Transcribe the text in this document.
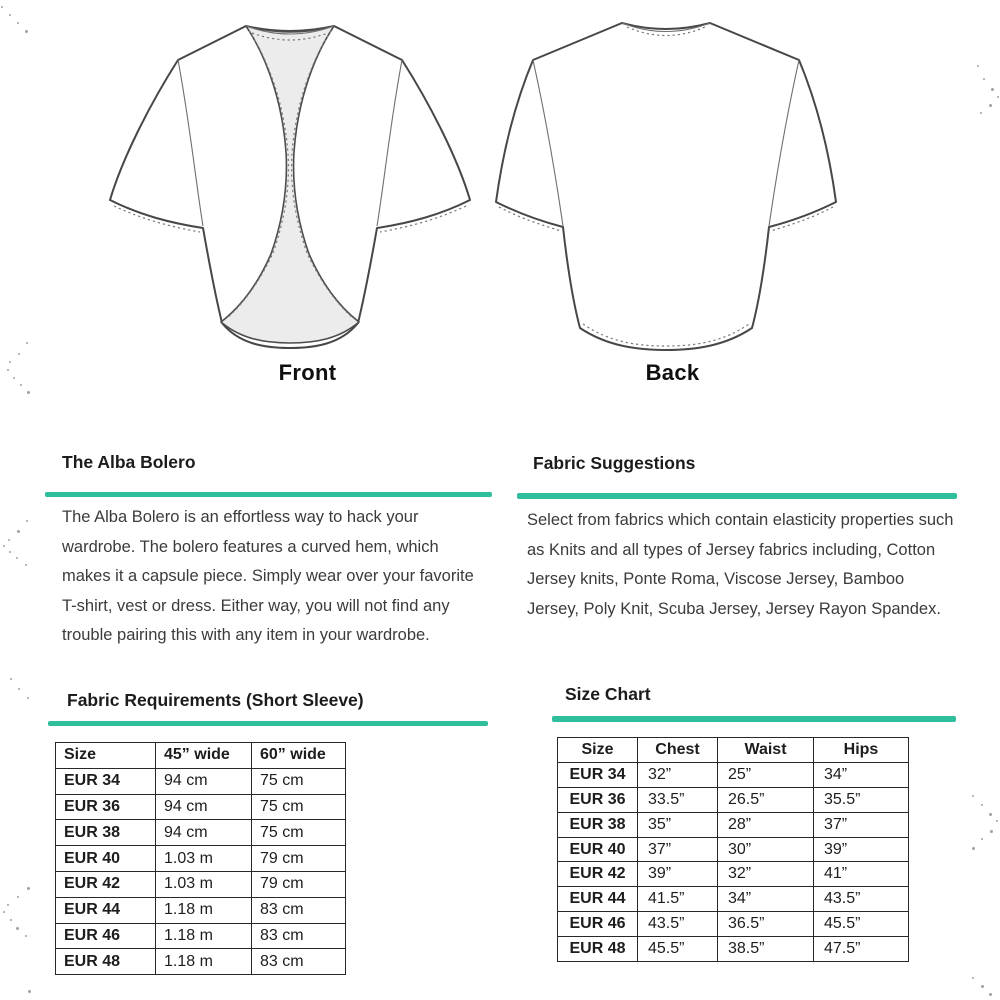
Front	Back
The Alba Bolero
The Alba Bolero is an effortless way to hack your wardrobe. The bolero features a curved hem, which makes it a capsule piece. Simply wear over your favorite T-shirt, vest or dress. Either way, you will not find any trouble pairing this with any item in your wardrobe.
Fabric Requirements (Short Sleeve)
Size	45” wide	60” wide
EUR 34	94 cm	75 cm
EUR 36	94 cm	75 cm
EUR 38	94 cm	75 cm
EUR 40	1.03 m	79 cm
EUR 42	1.03 m	79 cm
EUR 44	1.18 m	83 cm
EUR 46	1.18 m	83 cm
EUR 48	1.18 m	83 cm
Fabric Suggestions
Select from fabrics which contain elasticity properties such as Knits and all types of Jersey fabrics including, Cotton Jersey knits, Ponte Roma, Viscose Jersey, Bamboo Jersey, Poly Knit, Scuba Jersey, Jersey Rayon Spandex.
Size Chart
Size	Chest	Waist	Hips
EUR 34	32”	25”	34”
EUR 36	33.5”	26.5”	35.5”
EUR 38	35”	28”	37”
EUR 40	37”	30”	39”
EUR 42	39”	32”	41”
EUR 44	41.5”	34”	43.5”
EUR 46	43.5”	36.5”	45.5”
EUR 48	45.5”	38.5”	47.5”
